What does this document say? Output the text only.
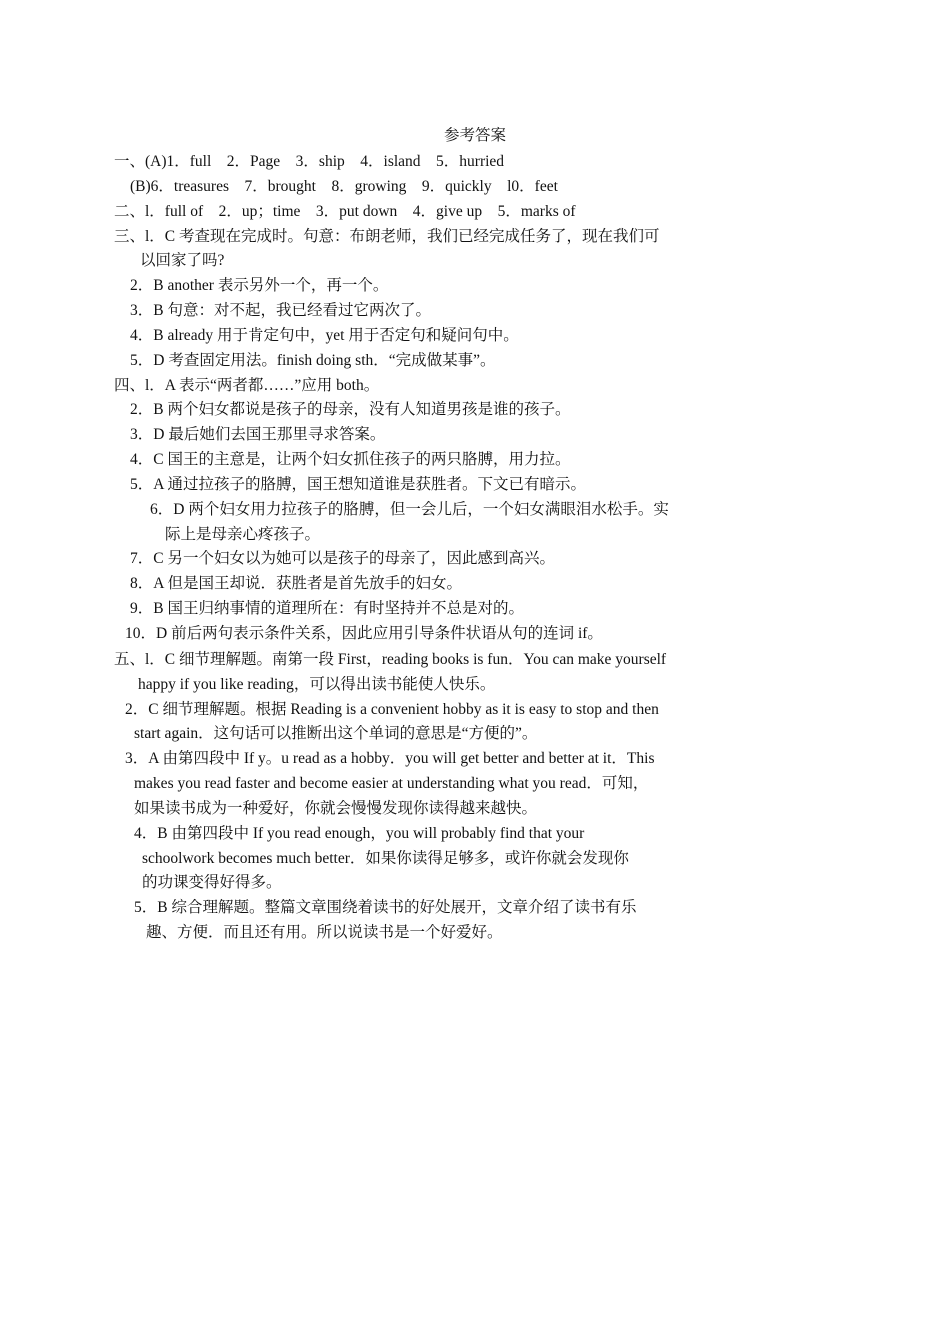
参考答案
一、(A)1．full　2．Page　3．ship　4．island　5．hurried
(B)6．treasures　7．brought　8．growing　9．quickly　l0．feet
二、l．full of　2．up；time　3．put down　4．give up　5．marks of
三、l．C 考查现在完成时。句意：布朗老师，我们已经完成任务了，现在我们可
以回家了吗?
2．B another 表示另外一个，再一个。
3．B 句意：对不起，我已经看过它两次了。
4．B already 用于肯定句中，yet 用于否定句和疑问句中。
5．D 考查固定用法。finish doing sth．“完成做某事”。
四、l．A 表示“两者都……”应用 both。
2．B 两个妇女都说是孩子的母亲，没有人知道男孩是谁的孩子。
3．D 最后她们去国王那里寻求答案。
4．C 国王的主意是，让两个妇女抓住孩子的两只胳膊，用力拉。
5．A 通过拉孩子的胳膊，国王想知道谁是获胜者。下文已有暗示。
6．D 两个妇女用力拉孩子的胳膊，但一会儿后，一个妇女满眼泪水松手。实
际上是母亲心疼孩子。
7．C 另一个妇女以为她可以是孩子的母亲了，因此感到高兴。
8．A 但是国王却说．获胜者是首先放手的妇女。
9．B 国王归纳事情的道理所在：有时坚持并不总是对的。
10．D 前后两句表示条件关系，因此应用引导条件状语从句的连词 if。
五、l．C 细节理解题。南第一段 First，reading books is fun．You can make yourself
happy if you like reading，可以得出读书能使人快乐。
2．C 细节理解题。根据 Reading is a convenient hobby as it is easy to stop and then
start again．这句话可以推断出这个单词的意思是“方便的”。
3．A 由第四段中 If y。u read as a hobby．you will get better and better at it．This
makes you read faster and become easier at understanding what you read．可知，
如果读书成为一种爱好，你就会慢慢发现你读得越来越快。
4．B 由第四段中 If you read enough，you will probably find that your
schoolwork becomes much better．如果你读得足够多，或许你就会发现你
的功课变得好得多。
5．B 综合理解题。整篇文章围绕着读书的好处展开，文章介绍了读书有乐
趣、方便．而且还有用。所以说读书是一个好爱好。
